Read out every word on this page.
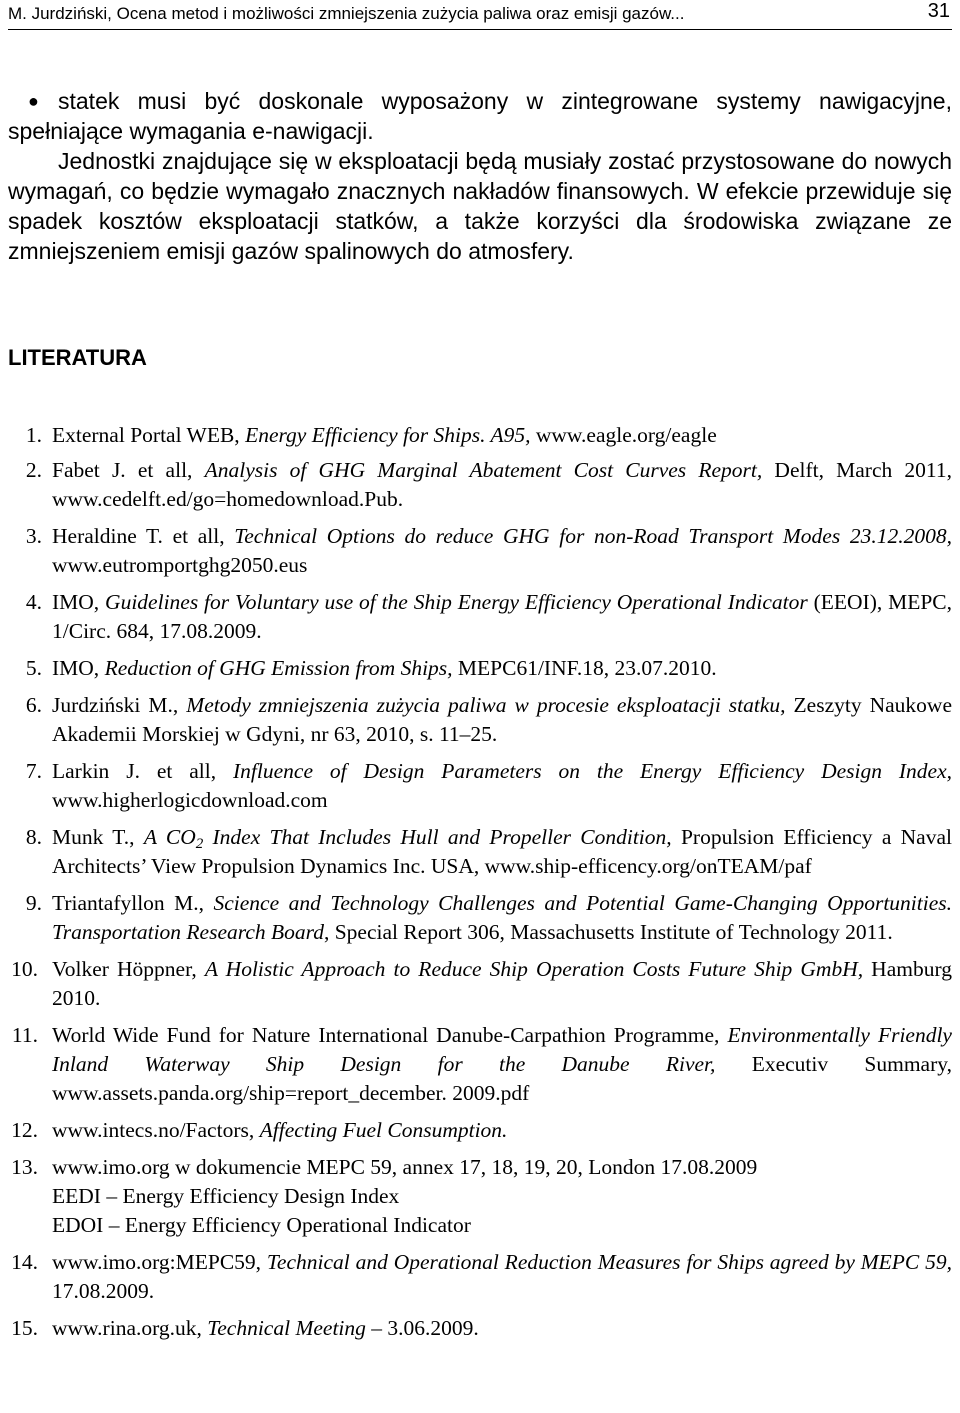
M. Jurdziński, Ocena metod i możliwości zmniejszenia zużycia paliwa oraz emisji gazów...	31
● statek musi być doskonale wyposażony w zintegrowane systemy nawigacyjne, spełniające wymagania e-nawigacji.

Jednostki znajdujące się w eksploatacji będą musiały zostać przystosowane do nowych wymagań, co będzie wymagało znacznych nakładów finansowych. W efekcie przewiduje się spadek kosztów eksploatacji statków, a także korzyści dla środowiska związane ze zmniejszeniem emisji gazów spalinowych do atmosfery.

LITERATURA

1. External Portal WEB, Energy Efficiency for Ships. A95, www.eagle.org/eagle

2. Fabet J. et all, Analysis of GHG Marginal Abatement Cost Curves Report, Delft, March 2011, www.cedelft.ed/go=homedownload.Pub.

3. Heraldine T. et all, Technical Options do reduce GHG for non-Road Transport Modes 23.12.2008, www.eutromportghg2050.eus

4. IMO, Guidelines for Voluntary use of the Ship Energy Efficiency Operational Indicator (EEOI), MEPC, 1/Circ. 684, 17.08.2009.

5. IMO, Reduction of GHG Emission from Ships, MEPC61/INF.18, 23.07.2010.

6. Jurdziński M., Metody zmniejszenia zużycia paliwa w procesie eksploatacji statku, Zeszyty Naukowe Akademii Morskiej w Gdyni, nr 63, 2010, s. 11–25.

7. Larkin J. et all, Influence of Design Parameters on the Energy Efficiency Design Index, www.higherlogicdownload.com

8. Munk T., A $CO_2$ Index That Includes Hull and Propeller Condition, Propulsion Efficiency a Naval Architects’ View Propulsion Dynamics Inc. USA, www.ship-efficency.org/onTEAM/paf

9. Triantafyllon M., Science and Technology Challenges and Potential Game-Changing Opportunities. Transportation Research Board, Special Report 306, Massachusetts Institute of Technology 2011.

10. Volker Höppner, A Holistic Approach to Reduce Ship Operation Costs Future Ship GmbH, Hamburg 2010.

11. World Wide Fund for Nature International Danube-Carpathion Programme, Environmentally Friendly Inland Waterway Ship Design for the Danube River, Executiv Summary, www.assets.panda.org/ship=report_december. 2009.pdf

12. www.intecs.no/Factors, Affecting Fuel Consumption.

13. www.imo.org w dokumencie MEPC 59, annex 17, 18, 19, 20, London 17.08.2009
EEDI – Energy Efficiency Design Index
EDOI – Energy Efficiency Operational Indicator

14. www.imo.org:MEPC59, Technical and Operational Reduction Measures for Ships agreed by MEPC 59, 17.08.2009.

15. www.rina.org.uk, Technical Meeting – 3.06.2009.
